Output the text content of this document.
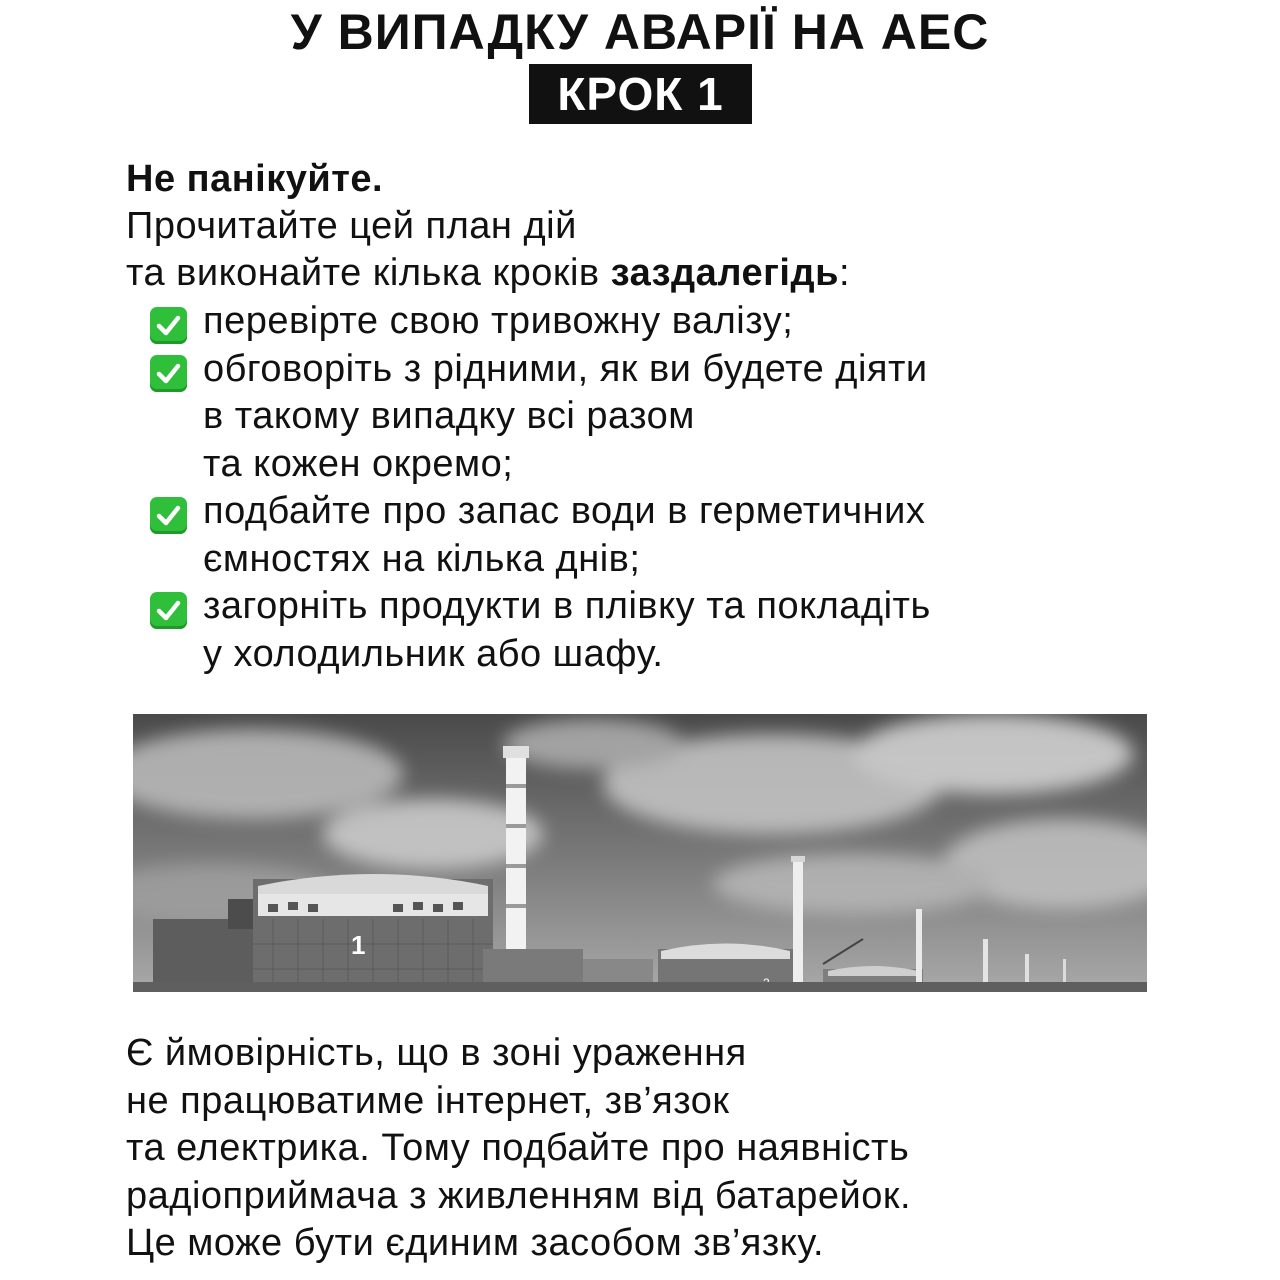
У ВИПАДКУ АВАРІЇ НА АЕС
КРОК 1
Не панікуйте.
Прочитайте цей план дій
та виконайте кілька кроків заздалегідь:
перевірте свою тривожну валізу;
обговоріть з рідними, як ви будете діяти
в такому випадку всі разом
та кожен окремо;
подбайте про запас води в герметичних
ємностях на кілька днів;
загорніть продукти в плівку та покладіть
у холодильник або шафу.
1
Є ймовірність, що в зоні ураження
не працюватиме інтернет, зв’язок
та електрика. Тому подбайте про наявність
радіоприймача з живленням від батарейок.
Це може бути єдиним засобом зв’язку.
